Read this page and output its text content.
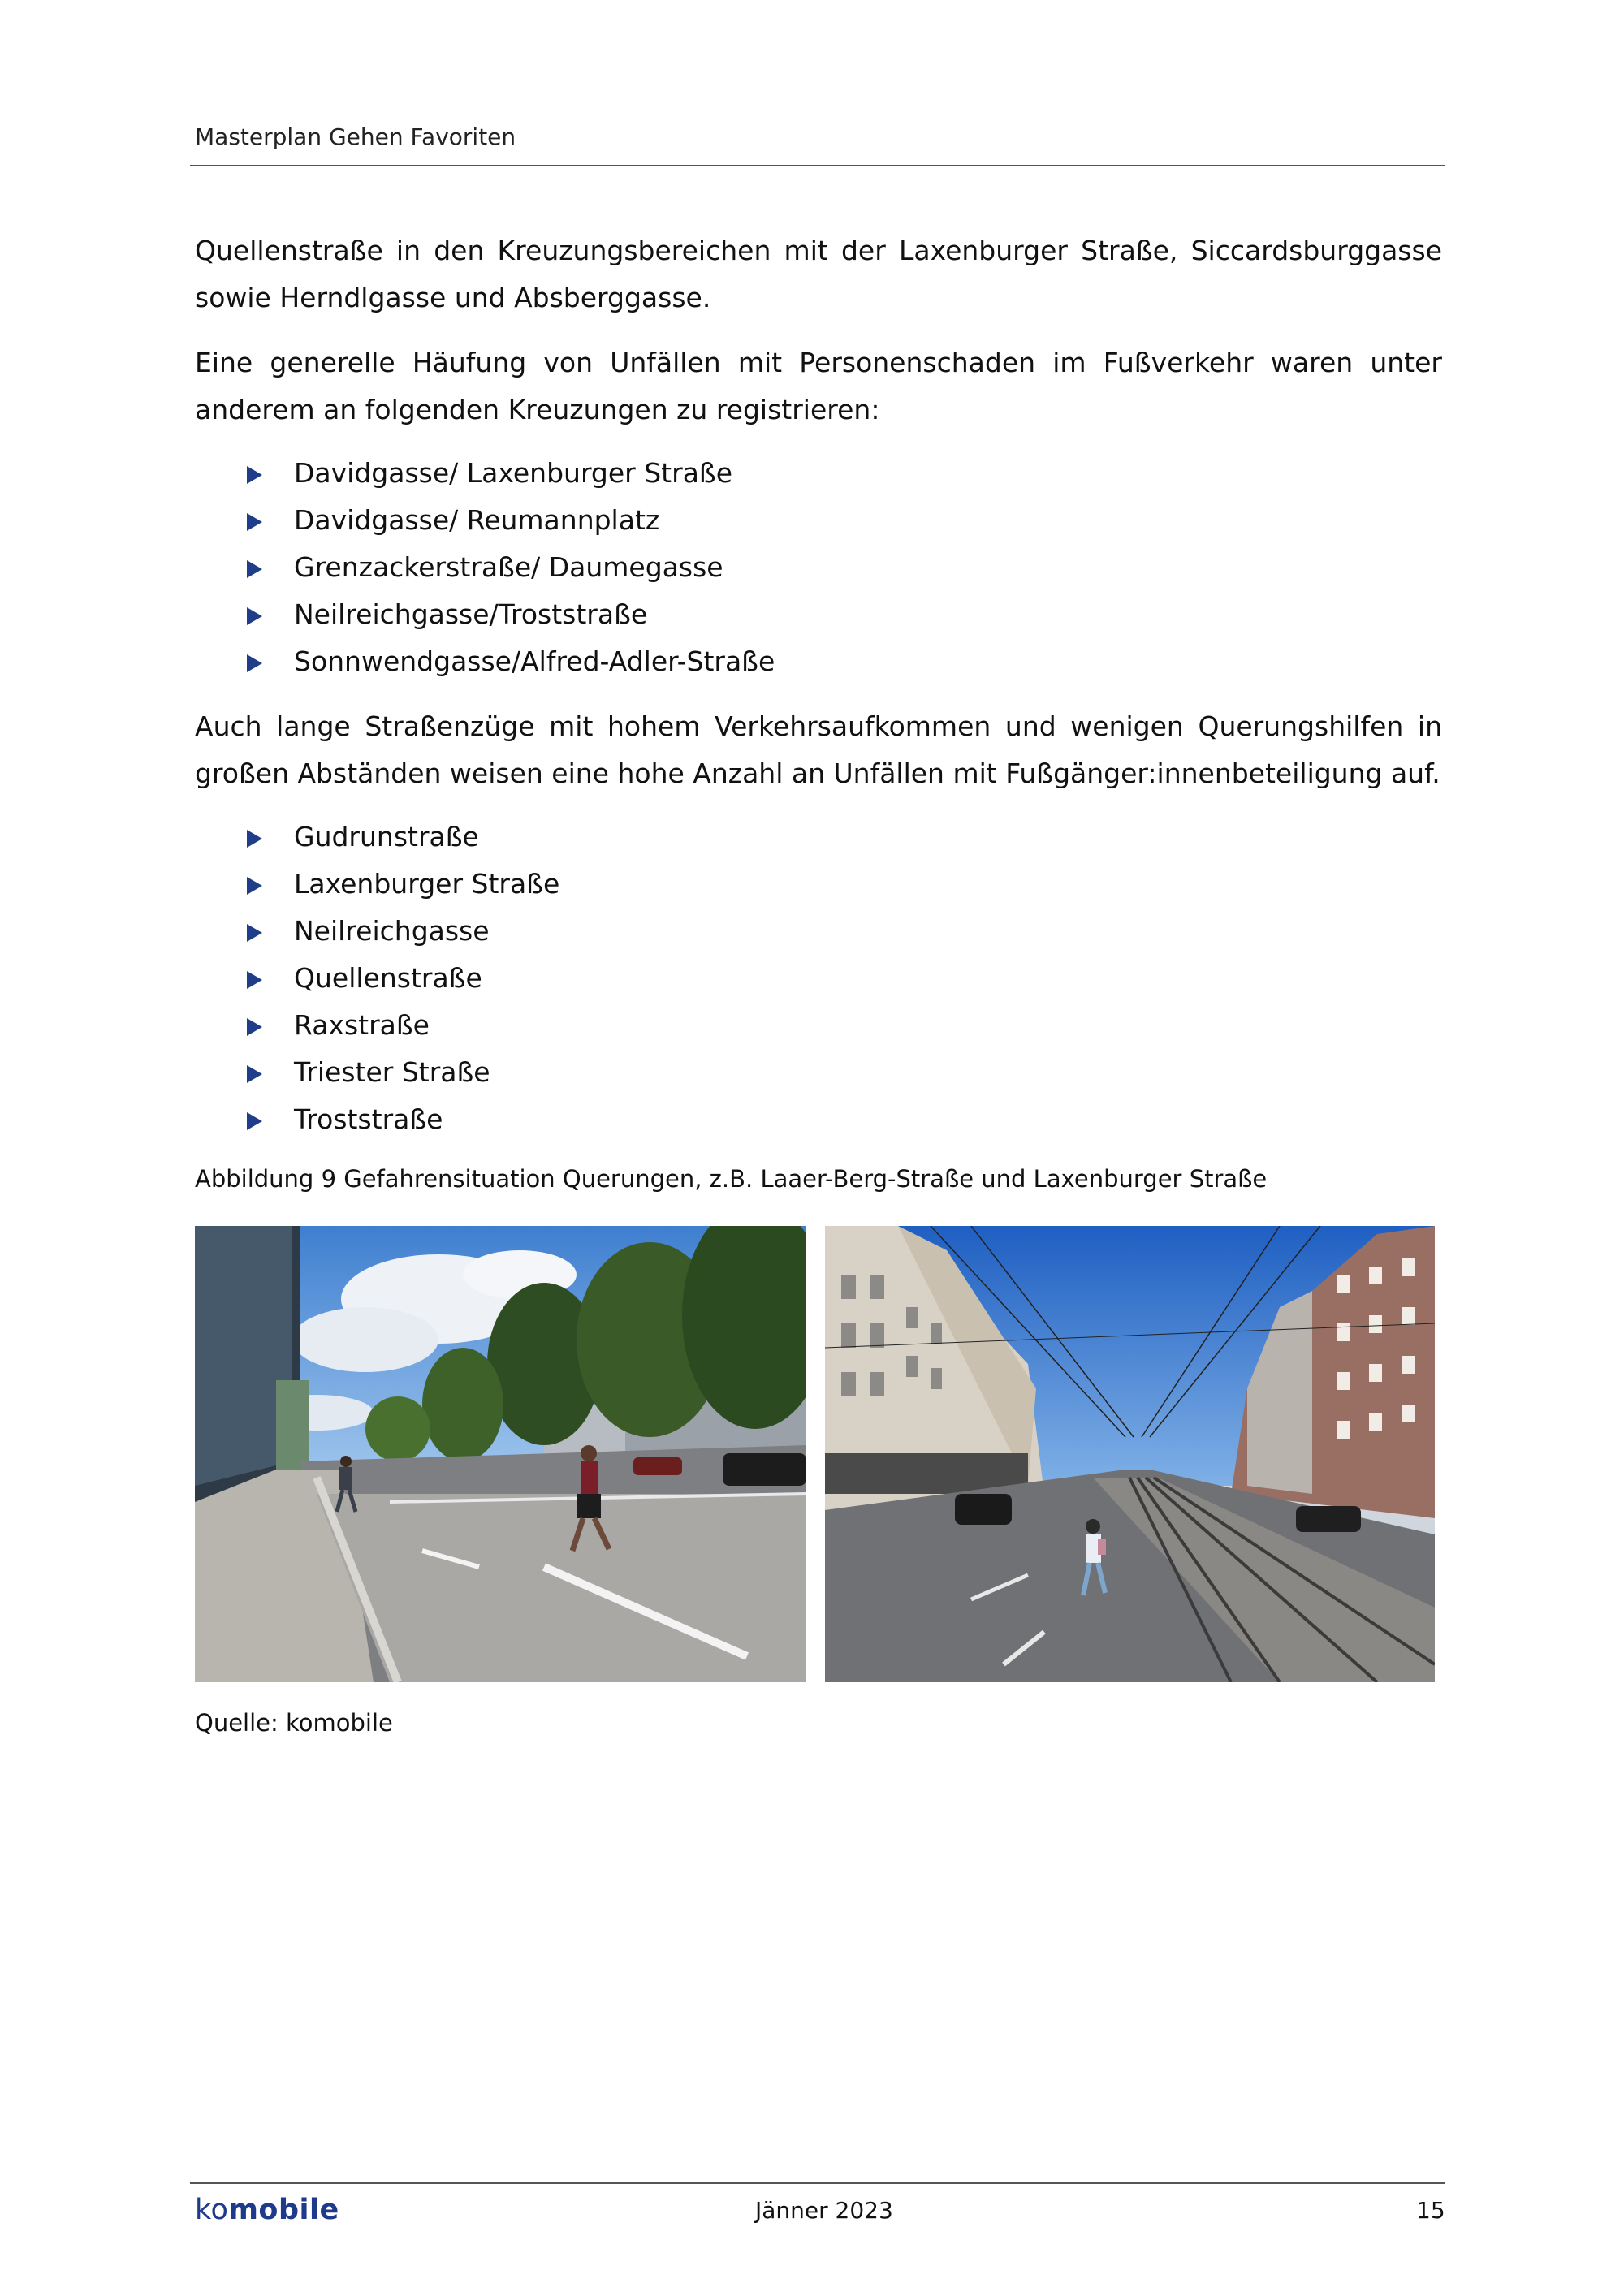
Masterplan Gehen Favoriten

Quellenstraße in den Kreuzungsbereichen mit der Laxenburger Straße, Siccardsburggasse sowie Herndlgasse und Absberggasse.

Eine generelle Häufung von Unfällen mit Personenschaden im Fußverkehr waren unter anderem an folgenden Kreuzungen zu registrieren:

Davidgasse/ Laxenburger Straße
Davidgasse/ Reumannplatz
Grenzackerstraße/ Daumegasse
Neilreichgasse/Troststraße
Sonnwendgasse/Alfred-Adler-Straße

Auch lange Straßenzüge mit hohem Verkehrsaufkommen und wenigen Querungshilfen in großen Abständen weisen eine hohe Anzahl an Unfällen mit Fußgänger:innenbeteiligung auf.

Gudrunstraße
Laxenburger Straße
Neilreichgasse
Quellenstraße
Raxstraße
Triester Straße
Troststraße
Abbildung 9 Gefahrensituation Querungen, z.B. Laaer-Berg-Straße und Laxenburger Straße
Quelle: komobile
komobile	Jänner 2023	15
